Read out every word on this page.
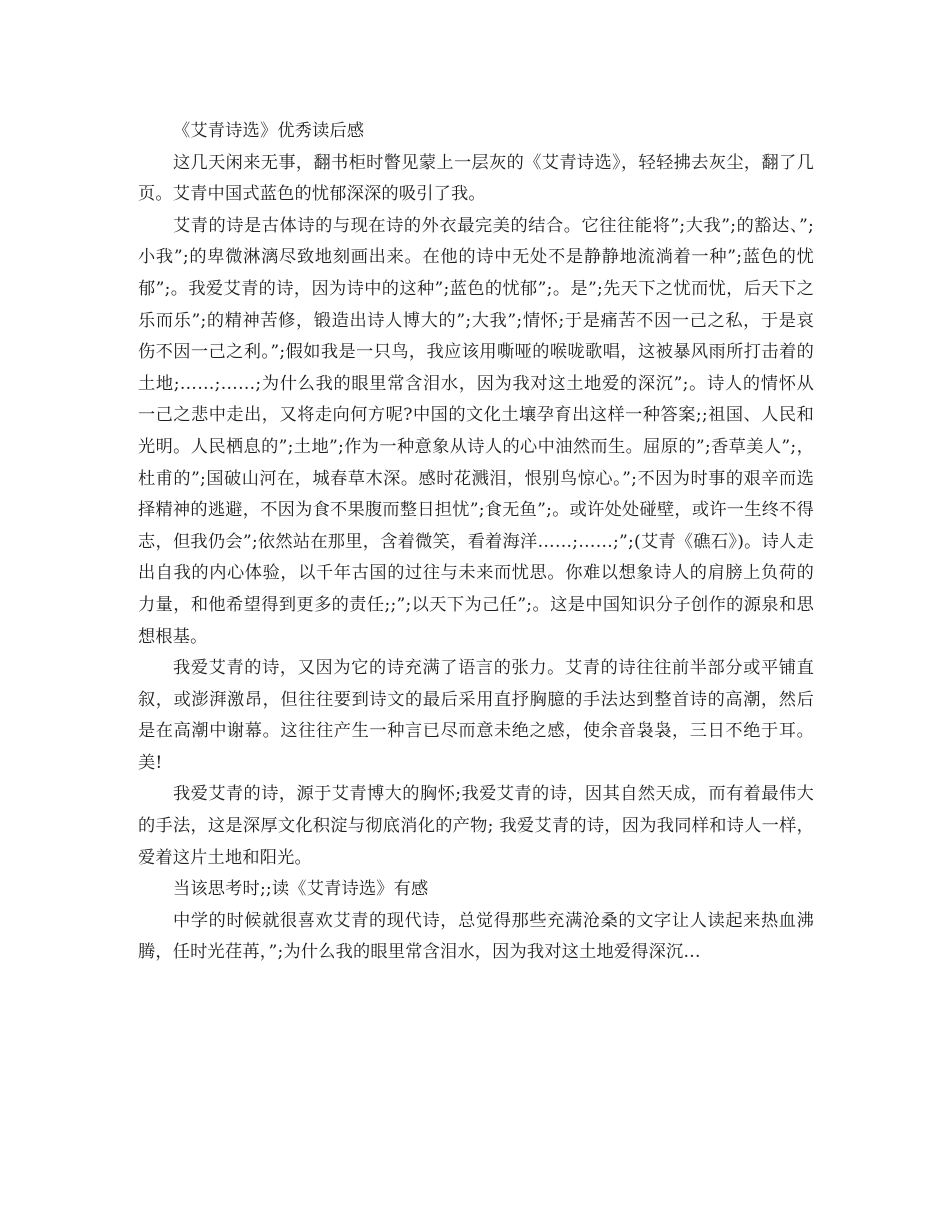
《艾青诗选》优秀读后感

这几天闲来无事，翻书柜时瞥见蒙上一层灰的《艾青诗选》，轻轻拂去灰尘，翻了几页。艾青中国式蓝色的忧郁深深的吸引了我。

艾青的诗是古体诗的与现在诗的外衣最完美的结合。它往往能将”;大我”;的豁达、”;小我”;的卑微淋漓尽致地刻画出来。在他的诗中无处不是静静地流淌着一种”;蓝色的忧郁”;。我爱艾青的诗，因为诗中的这种”;蓝色的忧郁”;。是”;先天下之忧而忧，后天下之乐而乐”;的精神苦修，锻造出诗人博大的”;大我”;情怀;于是痛苦不因一己之私，于是哀伤不因一己之利。”;假如我是一只鸟，我应该用嘶哑的喉咙歌唱，这被暴风雨所打击着的土地;……;……;为什么我的眼里常含泪水，因为我对这土地爱的深沉”;。诗人的情怀从一己之悲中走出，又将走向何方呢?中国的文化土壤孕育出这样一种答案;;祖国、人民和光明。人民栖息的”;土地”;作为一种意象从诗人的心中油然而生。屈原的”;香草美人”;，杜甫的”;国破山河在，城春草木深。感时花溅泪，恨别鸟惊心。”;不因为时事的艰辛而选择精神的逃避，不因为食不果腹而整日担忧”;食无鱼”;。或许处处碰壁，或许一生终不得志，但我仍会”;依然站在那里，含着微笑，看着海洋……;……;”;(艾青《礁石》)。诗人走出自我的内心体验，以千年古国的过往与未来而忧思。你难以想象诗人的肩膀上负荷的力量，和他希望得到更多的责任;;”;以天下为己任”;。这是中国知识分子创作的源泉和思想根基。

我爱艾青的诗，又因为它的诗充满了语言的张力。艾青的诗往往前半部分或平铺直叙，或澎湃激昂，但往往要到诗文的最后采用直抒胸臆的手法达到整首诗的高潮，然后是在高潮中谢幕。这往往产生一种言已尽而意未绝之感，使余音袅袅，三日不绝于耳。美!

我爱艾青的诗，源于艾青博大的胸怀;我爱艾青的诗，因其自然天成，而有着最伟大的手法，这是深厚文化积淀与彻底消化的产物; 我爱艾青的诗，因为我同样和诗人一样，爱着这片土地和阳光。

当该思考时;;读《艾青诗选》有感

中学的时候就很喜欢艾青的现代诗，总觉得那些充满沧桑的文字让人读起来热血沸腾，任时光荏苒，”;为什么我的眼里常含泪水，因为我对这土地爱得深沉…
